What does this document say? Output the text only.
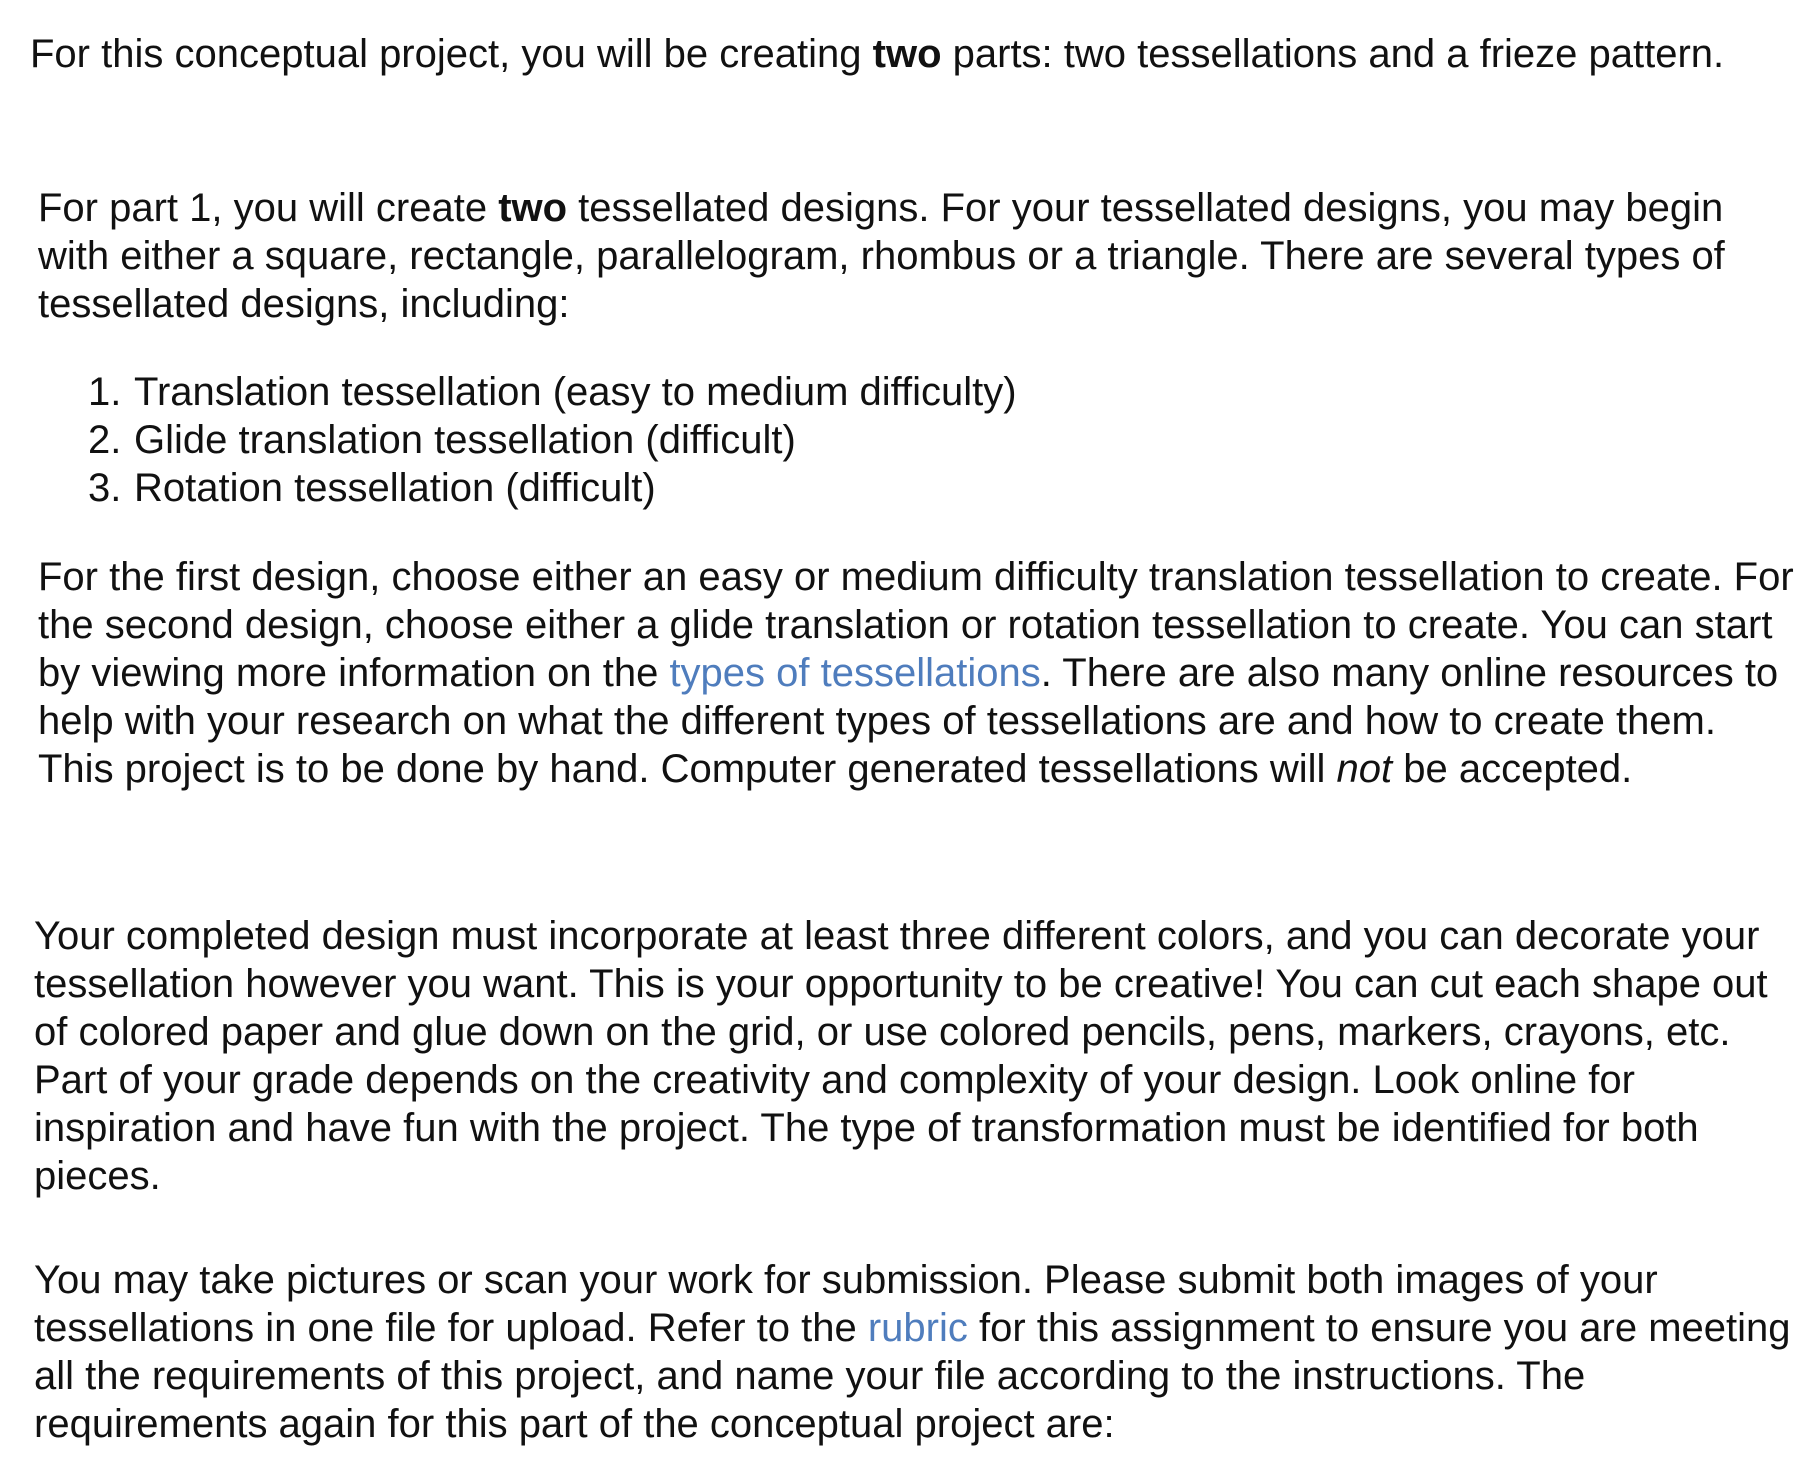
For this conceptual project, you will be creating two parts: two tessellations and a frieze pattern.

For part 1, you will create two tessellated designs. For your tessellated designs, you may begin with either a square, rectangle, parallelogram, rhombus or a triangle. There are several types of tessellated designs, including:

1. Translation tessellation (easy to medium difficulty)
2. Glide translation tessellation (difficult)
3. Rotation tessellation (difficult)

For the first design, choose either an easy or medium difficulty translation tessellation to create. For the second design, choose either a glide translation or rotation tessellation to create. You can start by viewing more information on the types of tessellations. There are also many online resources to help with your research on what the different types of tessellations are and how to create them. This project is to be done by hand. Computer generated tessellations will not be accepted.

Your completed design must incorporate at least three different colors, and you can decorate your tessellation however you want. This is your opportunity to be creative! You can cut each shape out of colored paper and glue down on the grid, or use colored pencils, pens, markers, crayons, etc. Part of your grade depends on the creativity and complexity of your design. Look online for inspiration and have fun with the project. The type of transformation must be identified for both pieces.

You may take pictures or scan your work for submission. Please submit both images of your tessellations in one file for upload. Refer to the rubric for this assignment to ensure you are meeting all the requirements of this project, and name your file according to the instructions. The requirements again for this part of the conceptual project are:
